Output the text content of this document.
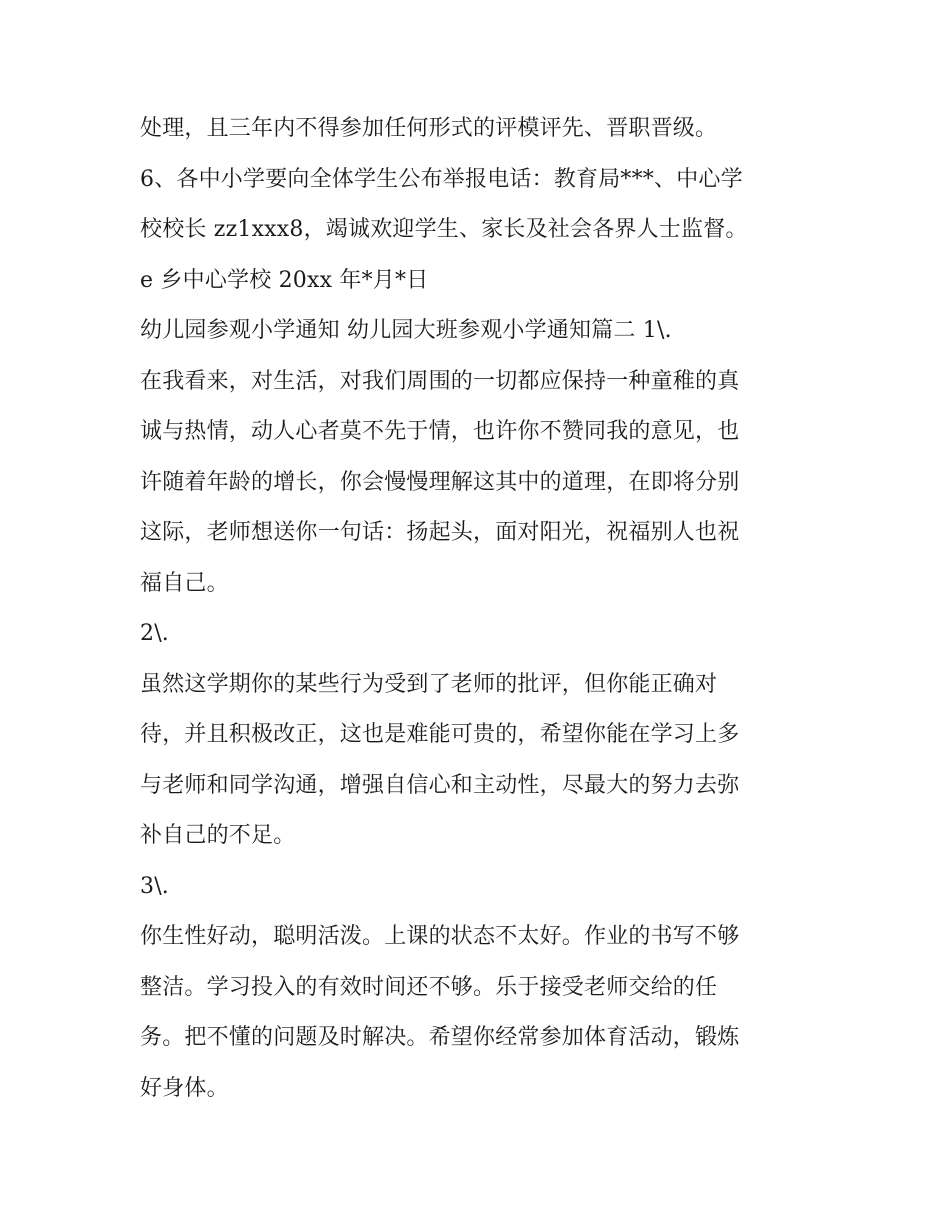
处理，且三年内不得参加任何形式的评模评先、晋职晋级。
6、各中小学要向全体学生公布举报电话：教育局***、中心学
校校长 zz1xxx8，竭诚欢迎学生、家长及社会各界人士监督。
e 乡中心学校 20xx 年*月*日
幼儿园参观小学通知 幼儿园大班参观小学通知篇二 1\.
在我看来，对生活，对我们周围的一切都应保持一种童稚的真
诚与热情，动人心者莫不先于情，也许你不赞同我的意见，也
许随着年龄的增长，你会慢慢理解这其中的道理，在即将分别
这际，老师想送你一句话：扬起头，面对阳光，祝福别人也祝
福自己。
2\.
虽然这学期你的某些行为受到了老师的批评，但你能正确对
待，并且积极改正，这也是难能可贵的，希望你能在学习上多
与老师和同学沟通，增强自信心和主动性，尽最大的努力去弥
补自己的不足。
3\.
你生性好动，聪明活泼。上课的状态不太好。作业的书写不够
整洁。学习投入的有效时间还不够。乐于接受老师交给的任
务。把不懂的问题及时解决。希望你经常参加体育活动，锻炼
好身体。
